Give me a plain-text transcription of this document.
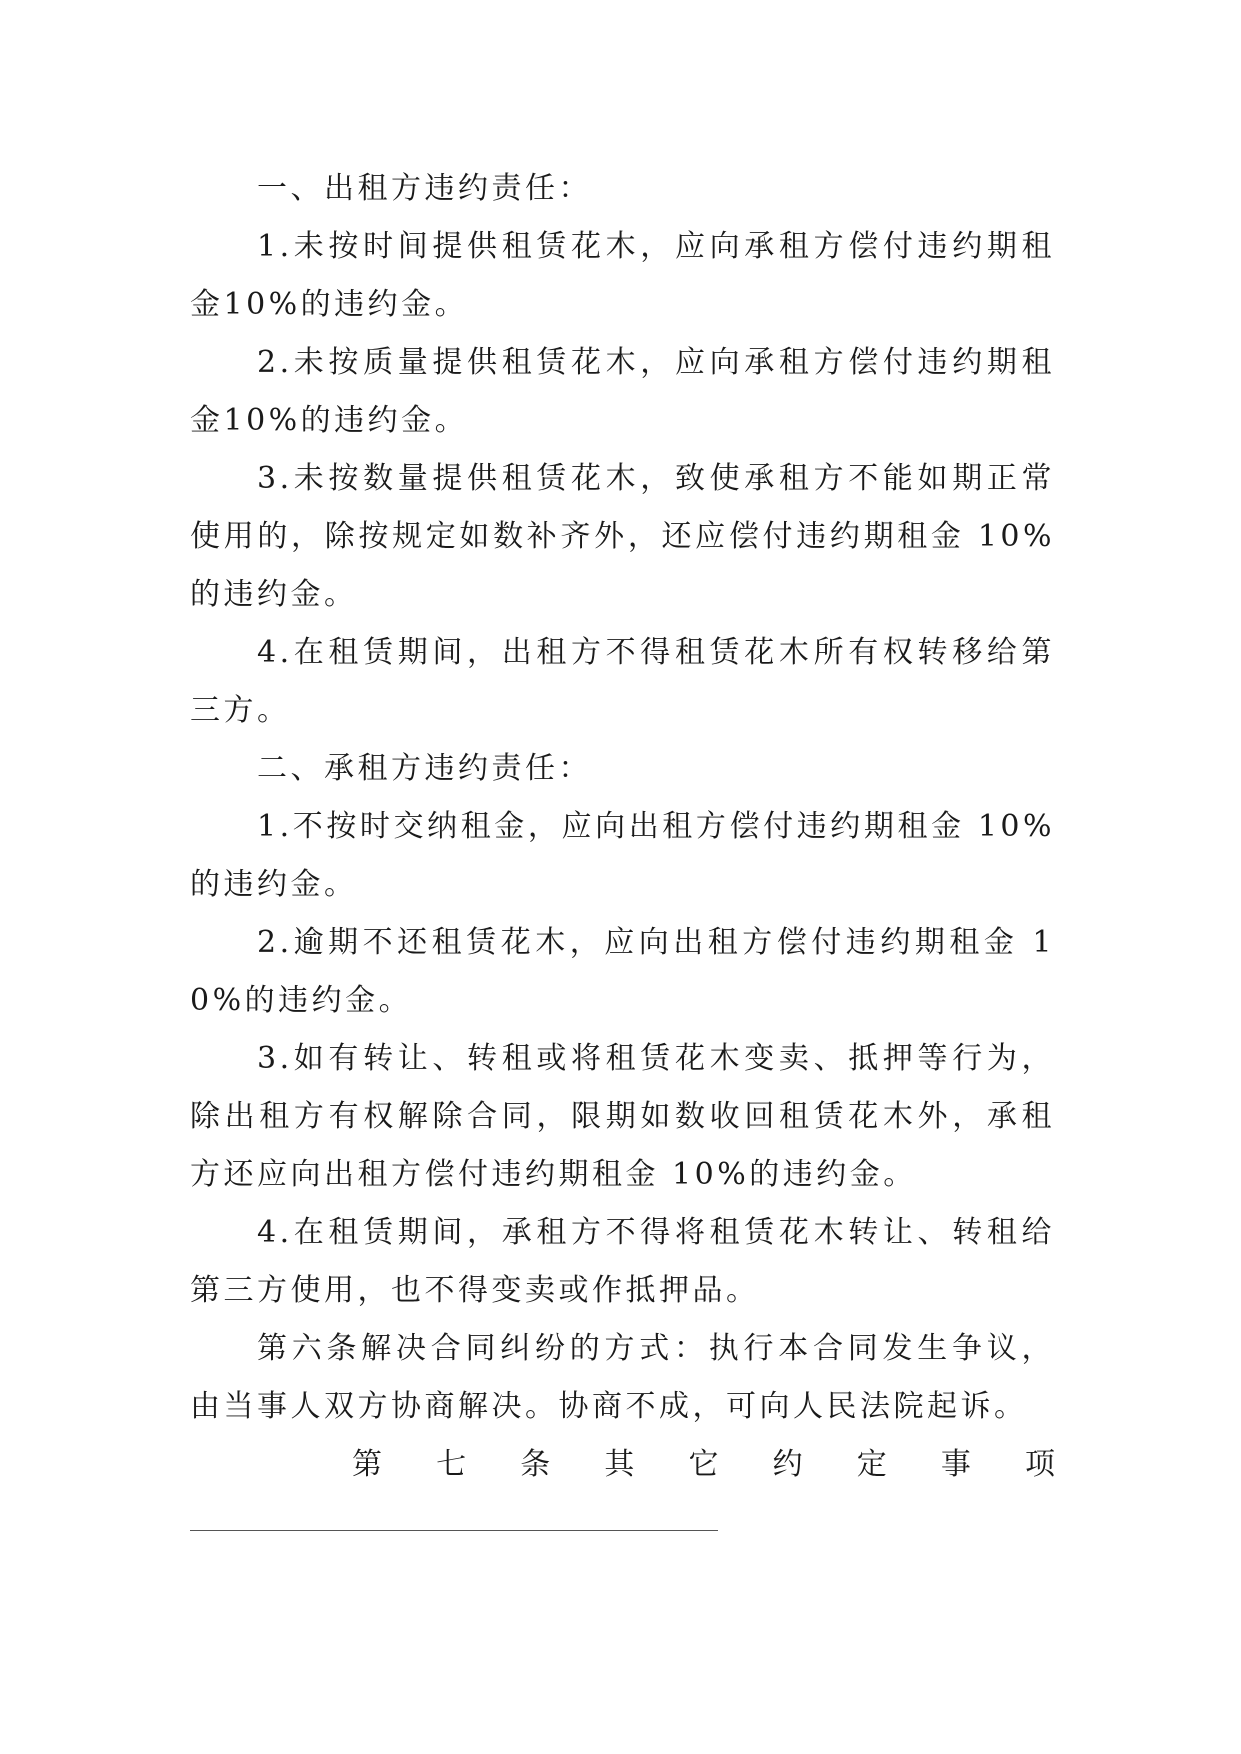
一、出租方违约责任：

1.未按时间提供租赁花木，应向承租方偿付违约期租金10%的违约金。

2.未按质量提供租赁花木，应向承租方偿付违约期租金10%的违约金。

3.未按数量提供租赁花木，致使承租方不能如期正常使用的，除按规定如数补齐外，还应偿付违约期租金 10%的违约金。

4.在租赁期间，出租方不得租赁花木所有权转移给第三方。

二、承租方违约责任：

1.不按时交纳租金，应向出租方偿付违约期租金 10%的违约金。

2.逾期不还租赁花木，应向出租方偿付违约期租金 10%的违约金。

3.如有转让、转租或将租赁花木变卖、抵押等行为，除出租方有权解除合同，限期如数收回租赁花木外，承租方还应向出租方偿付违约期租金 10%的违约金。

4.在租赁期间，承租方不得将租赁花木转让、转租给第三方使用，也不得变卖或作抵押品。

第六条解决合同纠纷的方式：执行本合同发生争议，由当事人双方协商解决。协商不成，可向人民法院起诉。

第 七 条 其 它 约 定 事 项
